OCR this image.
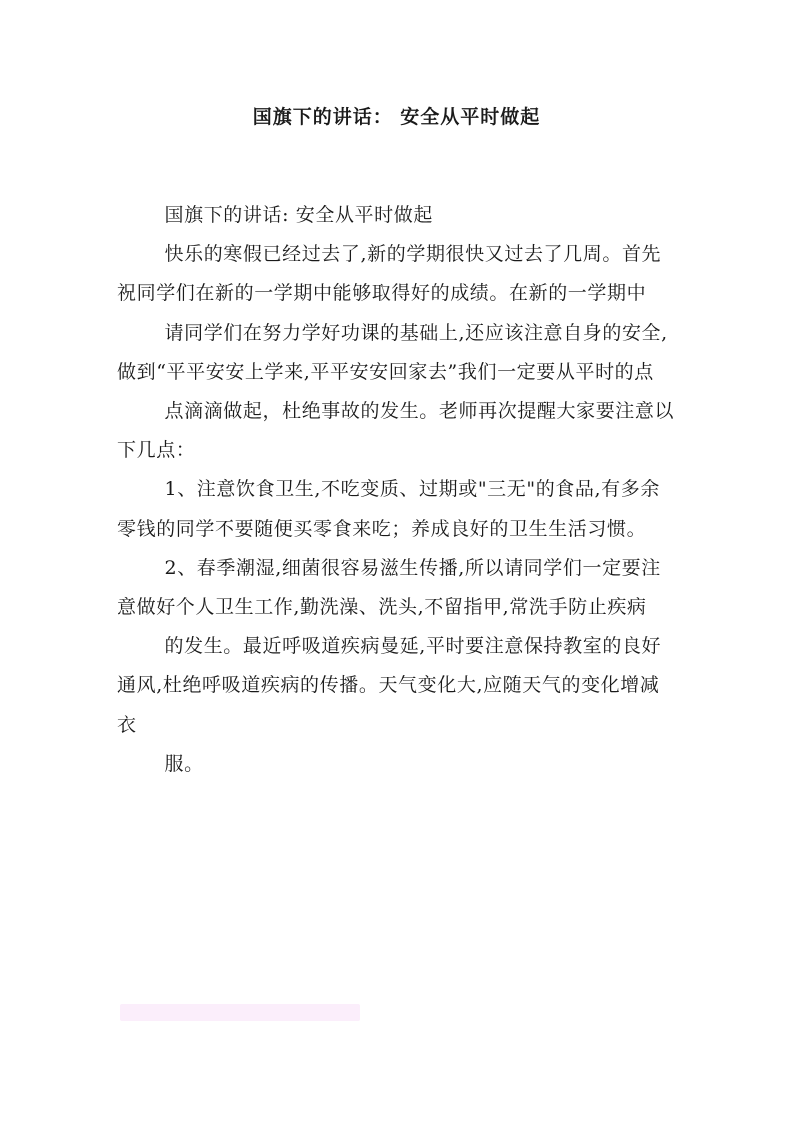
国旗下的讲话： 安全从平时做起

国旗下的讲话: 安全从平时做起

快乐的寒假已经过去了,新的学期很快又过去了几周。首先祝同学们在新的一学期中能够取得好的成绩。在新的一学期中

请同学们在努力学好功课的基础上,还应该注意自身的安全,做到“平平安安上学来,平平安安回家去”我们一定要从平时的点

点滴滴做起，杜绝事故的发生。老师再次提醒大家要注意以下几点：

1、注意饮食卫生,不吃变质、过期或"三无"的食品,有多余零钱的同学不要随便买零食来吃；养成良好的卫生生活习惯。

2、春季潮湿,细菌很容易滋生传播,所以请同学们一定要注意做好个人卫生工作,勤洗澡、洗头,不留指甲,常洗手防止疾病

的发生。最近呼吸道疾病曼延,平时要注意保持教室的良好通风,杜绝呼吸道疾病的传播。天气变化大,应随天气的变化增减衣

服。
